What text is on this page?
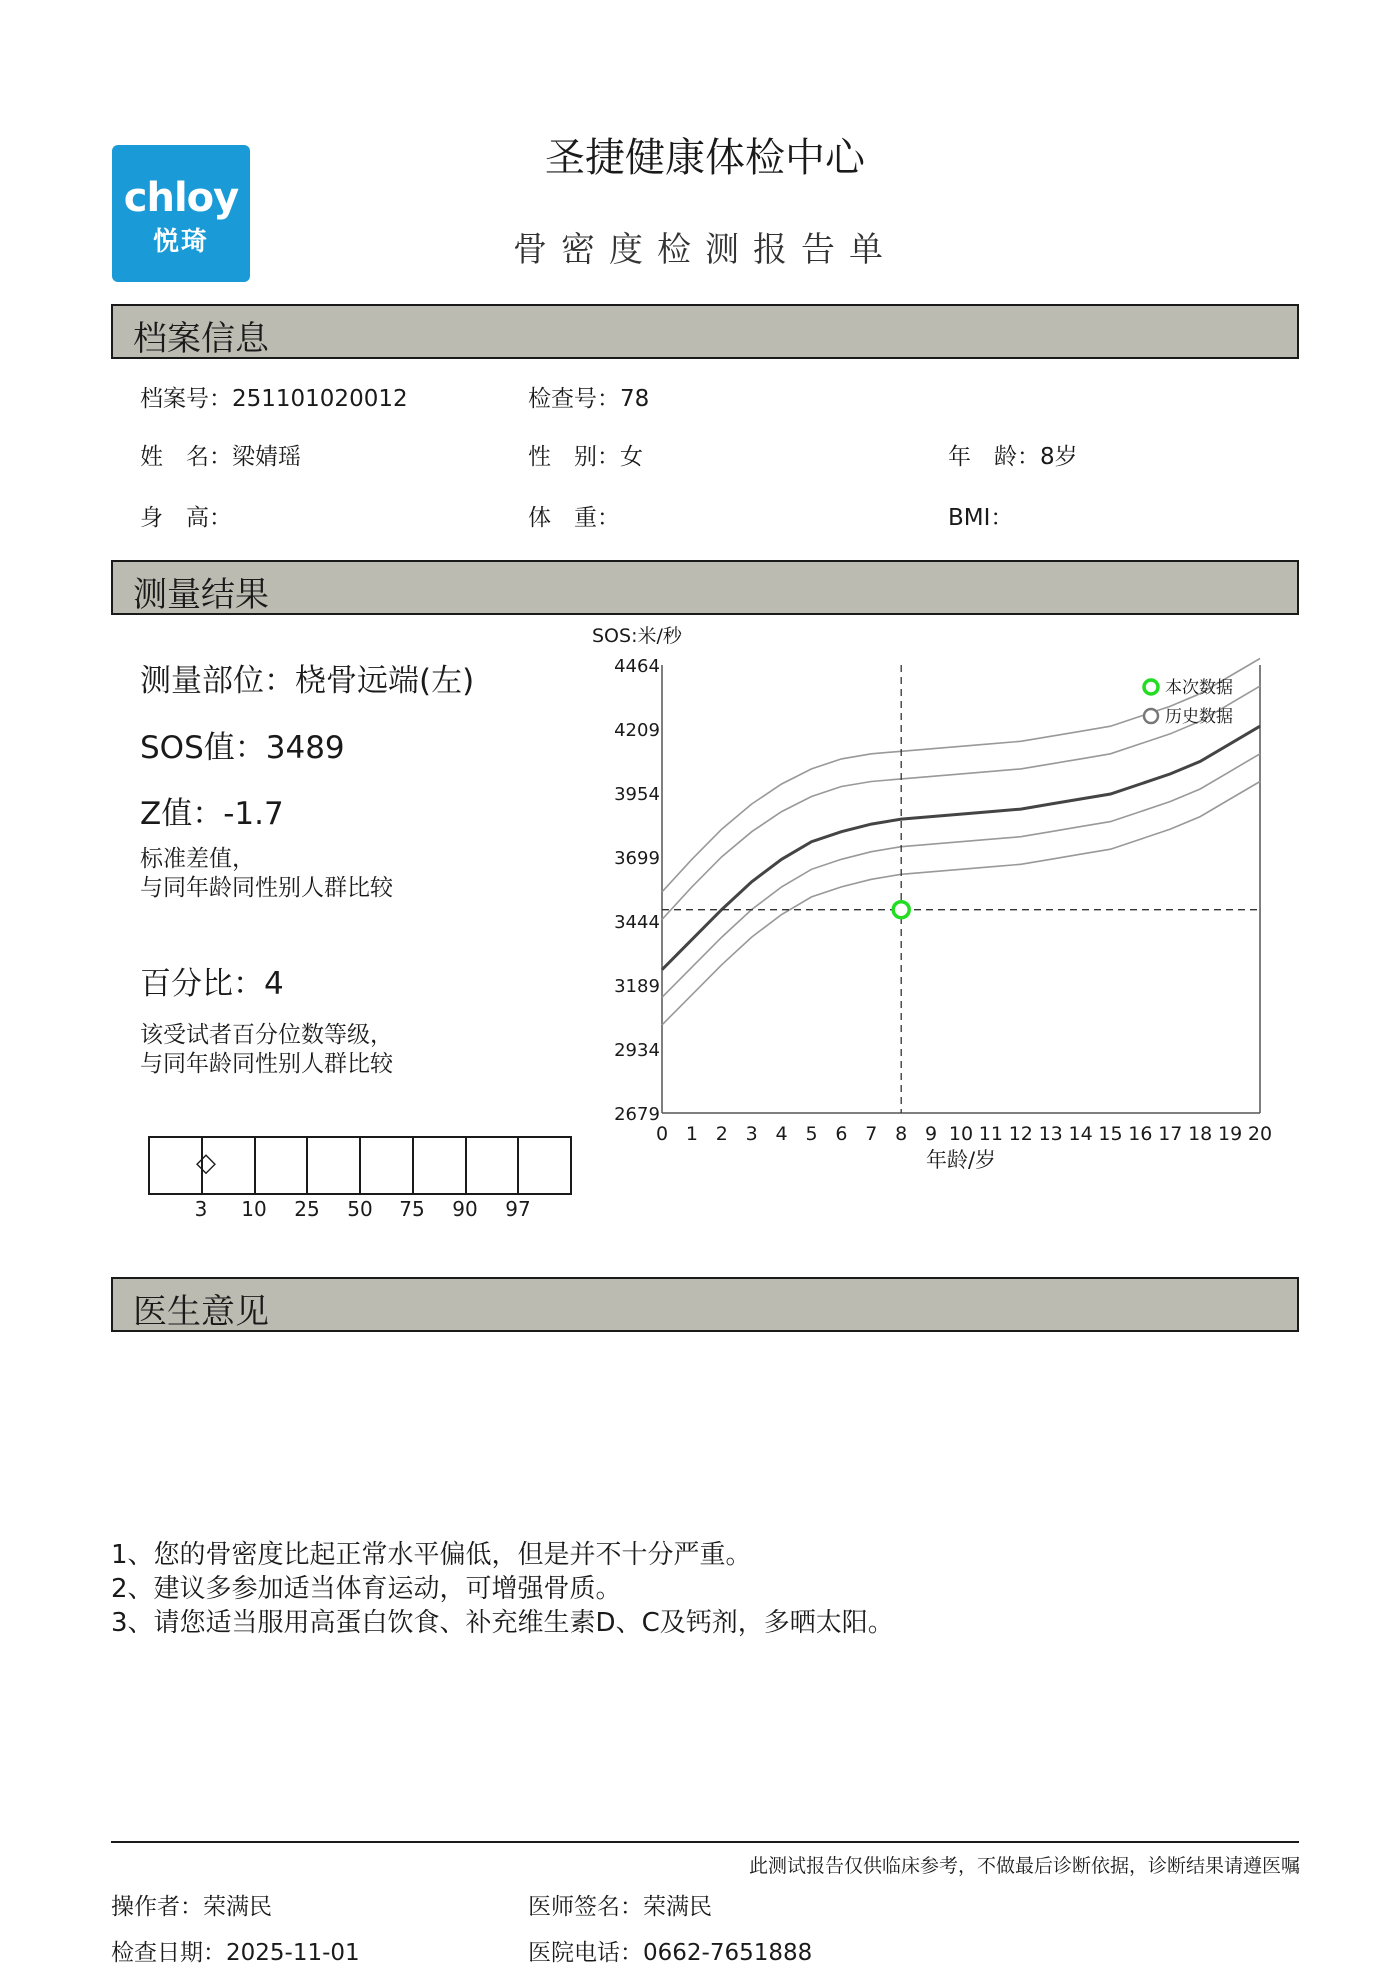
chloy
悦琦
圣捷健康体检中心
骨密度检测报告单
档案信息
档案号：251101020012	检查号：78
姓　名：梁婧瑶	性　别：女	年　龄：8岁
身　高：	体　重：	BMI：
测量结果
测量部位：桡骨远端(左)
SOS值：3489
Z值：-1.7
标准差值，
与同年龄同性别人群比较
百分比：4
该受试者百分位数等级，
与同年龄同性别人群比较
◇
3	10	25	50	75	90	97
SOS:米/秒
4464
4209
3954
3699
3444
3189
2934
2679
0 1 2 3 4 5 6 7 8 9 10 11 12 13 14 15 16 17 18 19 20
年龄/岁
本次数据
历史数据
医生意见
1、您的骨密度比起正常水平偏低，但是并不十分严重。
2、建议多参加适当体育运动，可增强骨质。
3、请您适当服用高蛋白饮食、补充维生素D、C及钙剂，多晒太阳。
此测试报告仅供临床参考，不做最后诊断依据，诊断结果请遵医嘱
操作者：荣满民	医师签名：荣满民
检查日期：2025-11-01	医院电话：0662-7651888
